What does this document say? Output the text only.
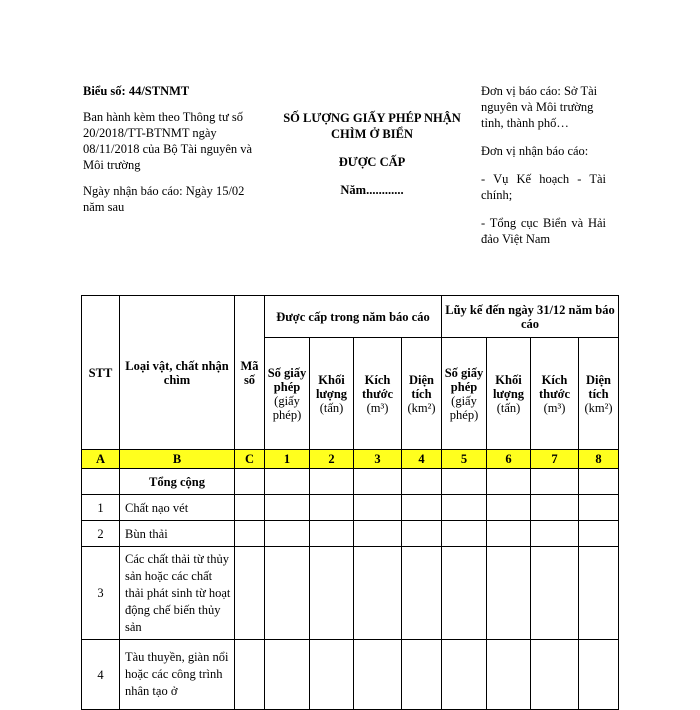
Biểu số: 44/STNMT

Ban hành kèm theo Thông tư số 20/2018/TT-BTNMT ngày 08/11/2018 của Bộ Tài nguyên và Môi trường

Ngày nhận báo cáo: Ngày 15/02 năm sau

SỐ LƯỢNG GIẤY PHÉP NHẬN CHÌM Ở BIỂN

ĐƯỢC CẤP

Năm............

Đơn vị báo cáo: Sở Tài nguyên và Môi trường tỉnh, thành phố…

Đơn vị nhận báo cáo:

- Vụ Kế hoạch - Tài chính;

- Tổng cục Biển và Hải đảo Việt Nam

STT	Loại vật, chất nhận chìm	Mã số	Được cấp trong năm báo cáo				Lũy kế đến ngày 31/12 năm báo cáo			
			Số giấy phép (giấy phép)	Khối lượng (tấn)	Kích thước (m³)	Diện tích (km²)	Số giấy phép (giấy phép)	Khối lượng (tấn)	Kích thước (m³)	Diện tích (km²)
A	B	C	1	2	3	4	5	6	7	8
	Tổng cộng									
1	Chất nạo vét									
2	Bùn thải									
3	Các chất thải từ thủy sản hoặc các chất thải phát sinh từ hoạt động chế biến thủy sản									
4	Tàu thuyền, giàn nổi hoặc các công trình nhân tạo ở									
